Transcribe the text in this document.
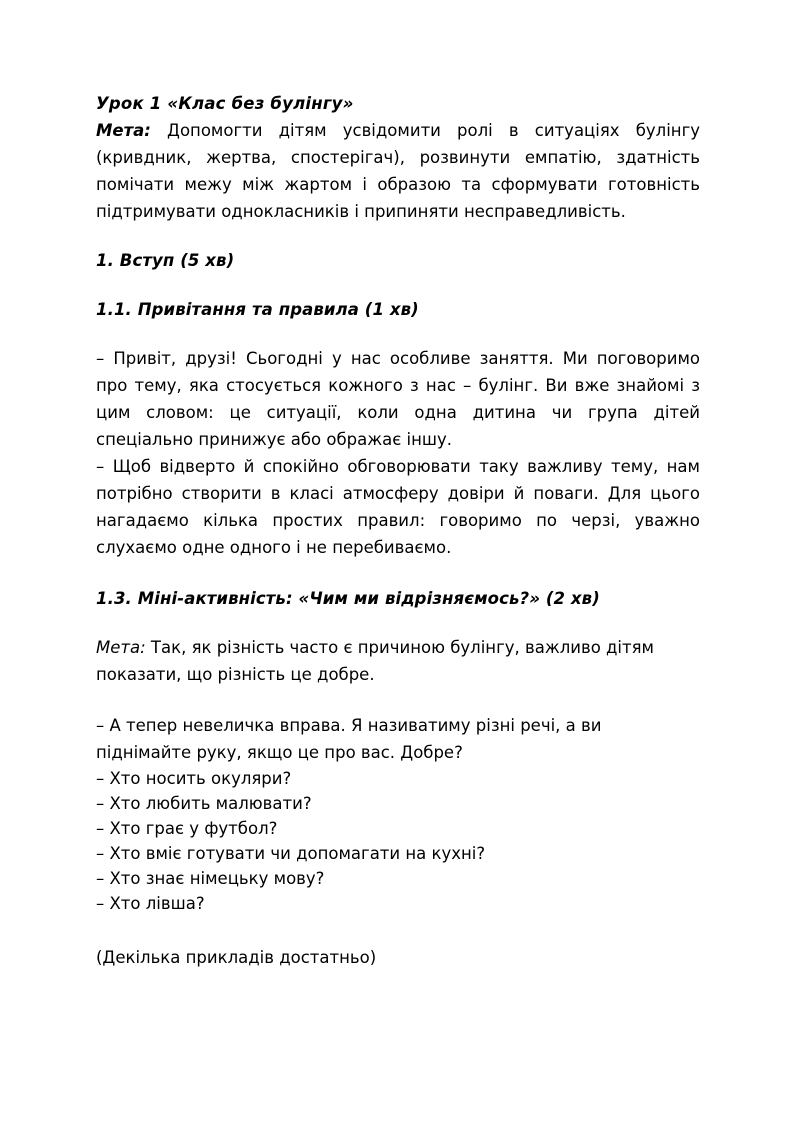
Урок 1 «Клас без булінгу»

Мета: Допомогти дітям усвідомити ролі в ситуаціях булінгу (кривдник, жертва, спостерігач), розвинути емпатію, здатність помічати межу між жартом і образою та сформувати готовність підтримувати однокласників і припиняти несправедливість.

1. Вступ (5 хв)

1.1. Привітання та правила (1 хв)

– Привіт, друзі! Сьогодні у нас особливе заняття. Ми поговоримо про тему, яка стосується кожного з нас – булінг. Ви вже знайомі з цим словом: це ситуації, коли одна дитина чи група дітей спеціально принижує або ображає іншу.

– Щоб відверто й спокійно обговорювати таку важливу тему, нам потрібно створити в класі атмосферу довіри й поваги. Для цього нагадаємо кілька простих правил: говоримо по черзі, уважно слухаємо одне одного і не перебиваємо.

1.3. Міні-активність: «Чим ми відрізняємось?» (2 хв)

Мета: Так, як різність часто є причиною булінгу, важливо дітям показати, що різність це добре.

– А тепер невеличка вправа. Я називатиму різні речі, а ви піднімайте руку, якщо це про вас. Добре?

– Хто носить окуляри?
– Хто любить малювати?
– Хто грає у футбол?
– Хто вміє готувати чи допомагати на кухні?
– Хто знає німецьку мову?
– Хто лівша?

(Декілька прикладів достатньо)
